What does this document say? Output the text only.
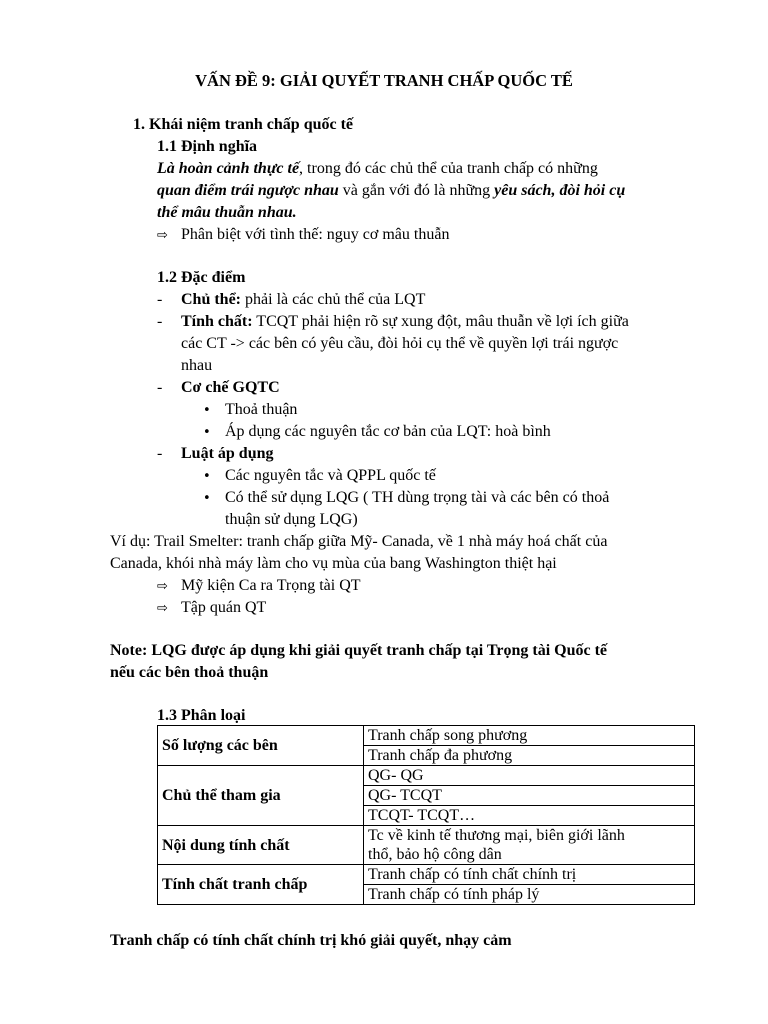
VẤN ĐỀ 9: GIẢI QUYẾT TRANH CHẤP QUỐC TẾ
1. Khái niệm tranh chấp quốc tế
1.1 Định nghĩa
Là hoàn cảnh thực tế, trong đó các chủ thể của tranh chấp có những
quan điểm trái ngược nhau và gắn với đó là những yêu sách, đòi hỏi cụ
thể mâu thuẫn nhau.
⇨ Phân biệt với tình thế: nguy cơ mâu thuẫn
1.2 Đặc điểm
- Chủ thể: phải là các chủ thể của LQT
- Tính chất: TCQT phải hiện rõ sự xung đột, mâu thuẫn về lợi ích giữa
các CT -> các bên có yêu cầu, đòi hỏi cụ thể về quyền lợi trái ngược
nhau
- Cơ chế GQTC
• Thoả thuận
• Áp dụng các nguyên tắc cơ bản của LQT: hoà bình
- Luật áp dụng
• Các nguyên tắc và QPPL quốc tế
• Có thể sử dụng LQG ( TH dùng trọng tài và các bên có thoả
thuận sử dụng LQG)
Ví dụ: Trail Smelter: tranh chấp giữa Mỹ- Canada, về 1 nhà máy hoá chất của
Canada, khói nhà máy làm cho vụ mùa của bang Washington thiệt hại
⇨ Mỹ kiện Ca ra Trọng tài QT
⇨ Tập quán QT
Note: LQG được áp dụng khi giải quyết tranh chấp tại Trọng tài Quốc tế
nếu các bên thoả thuận
1.3 Phân loại
Số lượng các bên	Tranh chấp song phương
	Tranh chấp đa phương
Chủ thể tham gia	QG- QG
	QG- TCQT
	TCQT- TCQT…
Nội dung tính chất	Tc về kinh tế thương mại, biên giới lãnh
thổ, bảo hộ công dân
Tính chất tranh chấp	Tranh chấp có tính chất chính trị
	Tranh chấp có tính pháp lý
Tranh chấp có tính chất chính trị khó giải quyết, nhạy cảm
